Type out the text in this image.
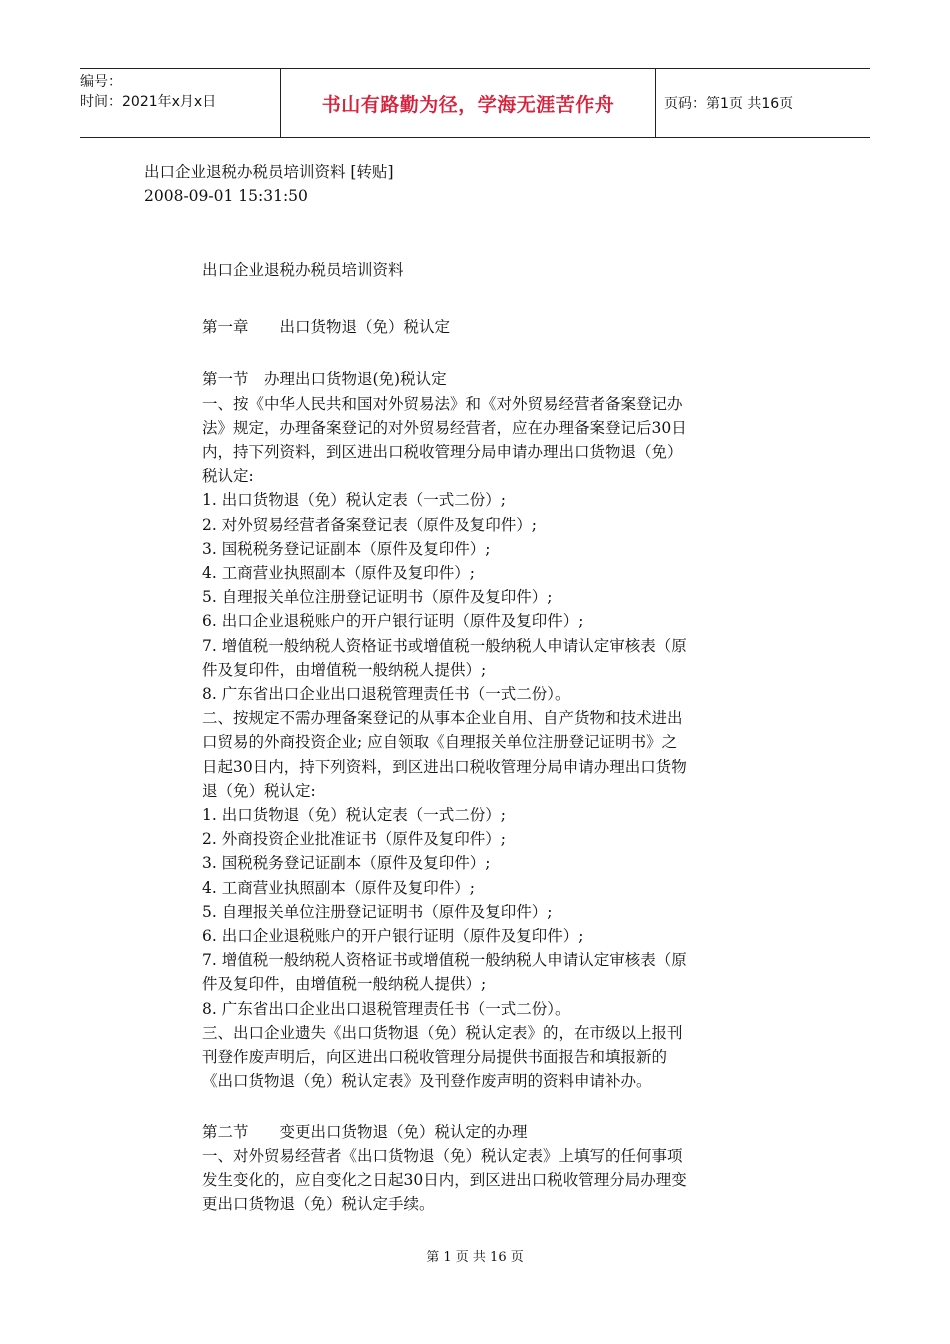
编号：
时间：2021年x月x日	书山有路勤为径，学海无涯苦作舟	页码：第1页 共16页
出口企业退税办税员培训资料 [转贴]
2008-09-01 15:31:50

出口企业退税办税员培训资料

第一章　　出口货物退（免）税认定

第一节　办理出口货物退(免)税认定

一、按《中华人民共和国对外贸易法》和《对外贸易经营者备案登记办

法》规定，办理备案登记的对外贸易经营者，应在办理备案登记后30日

内，持下列资料，到区进出口税收管理分局申请办理出口货物退（免）

税认定:

1. 出口货物退（免）税认定表（一式二份）;

2. 对外贸易经营者备案登记表（原件及复印件）;

3. 国税税务登记证副本（原件及复印件）;

4. 工商营业执照副本（原件及复印件）;

5. 自理报关单位注册登记证明书（原件及复印件）;

6. 出口企业退税账户的开户银行证明（原件及复印件）;

7. 增值税一般纳税人资格证书或增值税一般纳税人申请认定审核表（原

件及复印件，由增值税一般纳税人提供）;

8. 广东省出口企业出口退税管理责任书（一式二份）。

二、按规定不需办理备案登记的从事本企业自用、自产货物和技术进出

口贸易的外商投资企业; 应自领取《自理报关单位注册登记证明书》之

日起30日内，持下列资料，到区进出口税收管理分局申请办理出口货物

退（免）税认定:

1. 出口货物退（免）税认定表（一式二份）;

2. 外商投资企业批准证书（原件及复印件）;

3. 国税税务登记证副本（原件及复印件）;

4. 工商营业执照副本（原件及复印件）;

5. 自理报关单位注册登记证明书（原件及复印件）;

6. 出口企业退税账户的开户银行证明（原件及复印件）;

7. 增值税一般纳税人资格证书或增值税一般纳税人申请认定审核表（原

件及复印件，由增值税一般纳税人提供）;

8. 广东省出口企业出口退税管理责任书（一式二份）。

三、出口企业遗失《出口货物退（免）税认定表》的，在市级以上报刊

刊登作废声明后，向区进出口税收管理分局提供书面报告和填报新的

《出口货物退（免）税认定表》及刊登作废声明的资料申请补办。

第二节　　变更出口货物退（免）税认定的办理

一、对外贸易经营者《出口货物退（免）税认定表》上填写的任何事项

发生变化的，应自变化之日起30日内，到区进出口税收管理分局办理变

更出口货物退（免）税认定手续。

第 1 页 共 16 页
